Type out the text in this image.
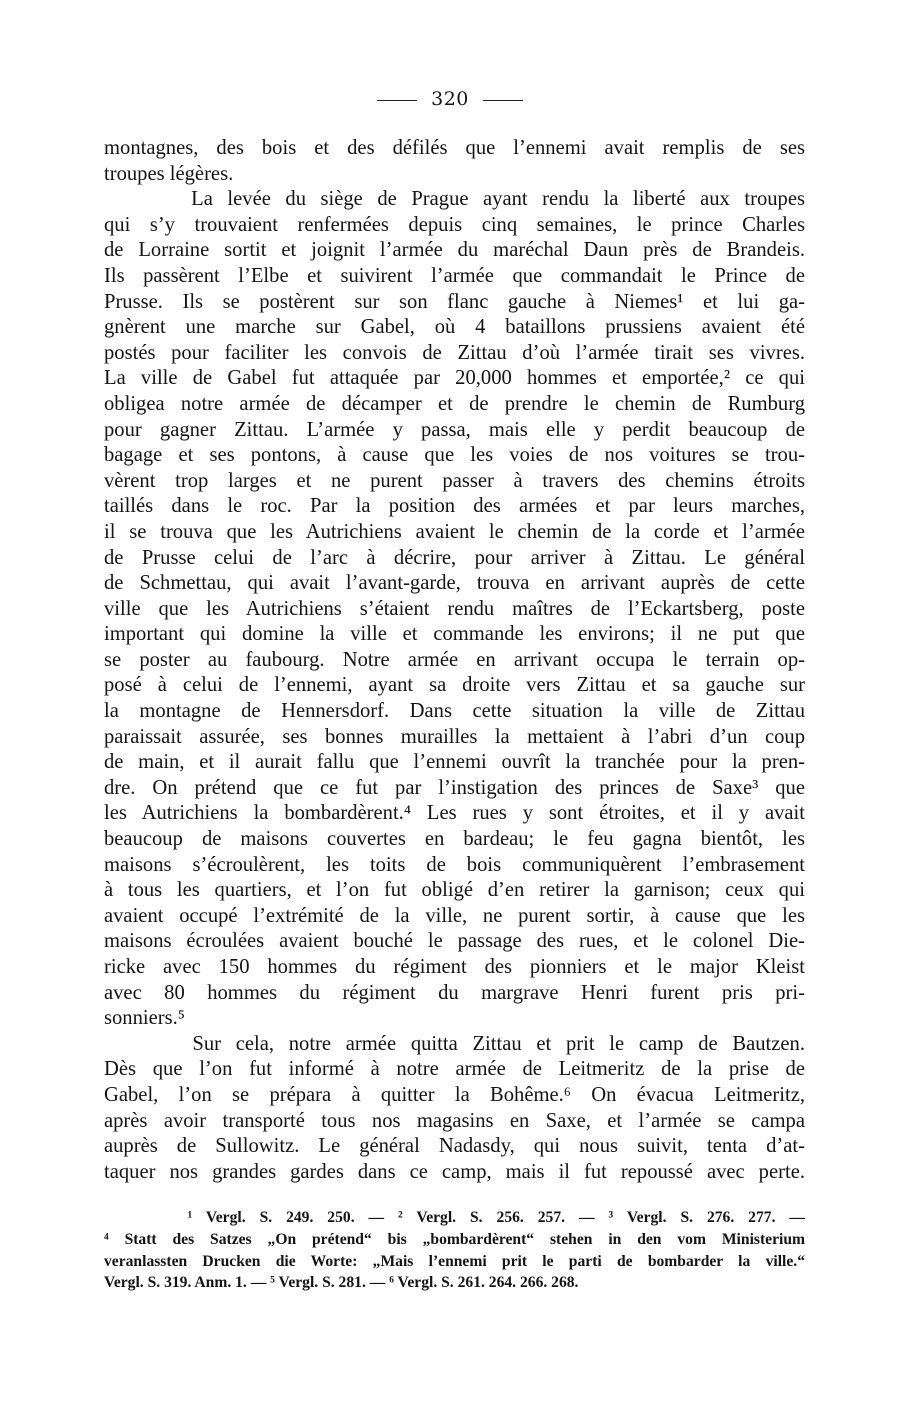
320
montagnes, des bois et des défilés que l’ennemi avait remplis de ses
troupes légères.
La levée du siège de Prague ayant rendu la liberté aux troupes
qui s’y trouvaient renfermées depuis cinq semaines, le prince Charles
de Lorraine sortit et joignit l’armée du maréchal Daun près de Brandeis.
Ils passèrent l’Elbe et suivirent l’armée que commandait le Prince de
Prusse. Ils se postèrent sur son flanc gauche à Niemes¹ et lui ga-
gnèrent une marche sur Gabel, où 4 bataillons prussiens avaient été
postés pour faciliter les convois de Zittau d’où l’armée tirait ses vivres.
La ville de Gabel fut attaquée par 20,000 hommes et emportée,² ce qui
obligea notre armée de décamper et de prendre le chemin de Rumburg
pour gagner Zittau. L’armée y passa, mais elle y perdit beaucoup de
bagage et ses pontons, à cause que les voies de nos voitures se trou-
vèrent trop larges et ne purent passer à travers des chemins étroits
taillés dans le roc. Par la position des armées et par leurs marches,
il se trouva que les Autrichiens avaient le chemin de la corde et l’armée
de Prusse celui de l’arc à décrire, pour arriver à Zittau. Le général
de Schmettau, qui avait l’avant-garde, trouva en arrivant auprès de cette
ville que les Autrichiens s’étaient rendu maîtres de l’Eckartsberg, poste
important qui domine la ville et commande les environs; il ne put que
se poster au faubourg. Notre armée en arrivant occupa le terrain op-
posé à celui de l’ennemi, ayant sa droite vers Zittau et sa gauche sur
la montagne de Hennersdorf. Dans cette situation la ville de Zittau
paraissait assurée, ses bonnes murailles la mettaient à l’abri d’un coup
de main, et il aurait fallu que l’ennemi ouvrît la tranchée pour la pren-
dre. On prétend que ce fut par l’instigation des princes de Saxe³ que
les Autrichiens la bombardèrent.⁴ Les rues y sont étroites, et il y avait
beaucoup de maisons couvertes en bardeau; le feu gagna bientôt, les
maisons s’écroulèrent, les toits de bois communiquèrent l’embrasement
à tous les quartiers, et l’on fut obligé d’en retirer la garnison; ceux qui
avaient occupé l’extrémité de la ville, ne purent sortir, à cause que les
maisons écroulées avaient bouché le passage des rues, et le colonel Die-
ricke avec 150 hommes du régiment des pionniers et le major Kleist
avec 80 hommes du régiment du margrave Henri furent pris pri-
sonniers.⁵
Sur cela, notre armée quitta Zittau et prit le camp de Bautzen.
Dès que l’on fut informé à notre armée de Leitmeritz de la prise de
Gabel, l’on se prépara à quitter la Bohême.⁶ On évacua Leitmeritz,
après avoir transporté tous nos magasins en Saxe, et l’armée se campa
auprès de Sullowitz. Le général Nadasdy, qui nous suivit, tenta d’at-
taquer nos grandes gardes dans ce camp, mais il fut repoussé avec perte.
¹ Vergl. S. 249. 250. — ² Vergl. S. 256. 257. — ³ Vergl. S. 276. 277. —
⁴ Statt des Satzes „On prétend“ bis „bombardèrent“ stehen in den vom Ministerium
veranlassten Drucken die Worte: „Mais l’ennemi prit le parti de bombarder la ville.“
Vergl. S. 319. Anm. 1. — ⁵ Vergl. S. 281. — ⁶ Vergl. S. 261. 264. 266. 268.
